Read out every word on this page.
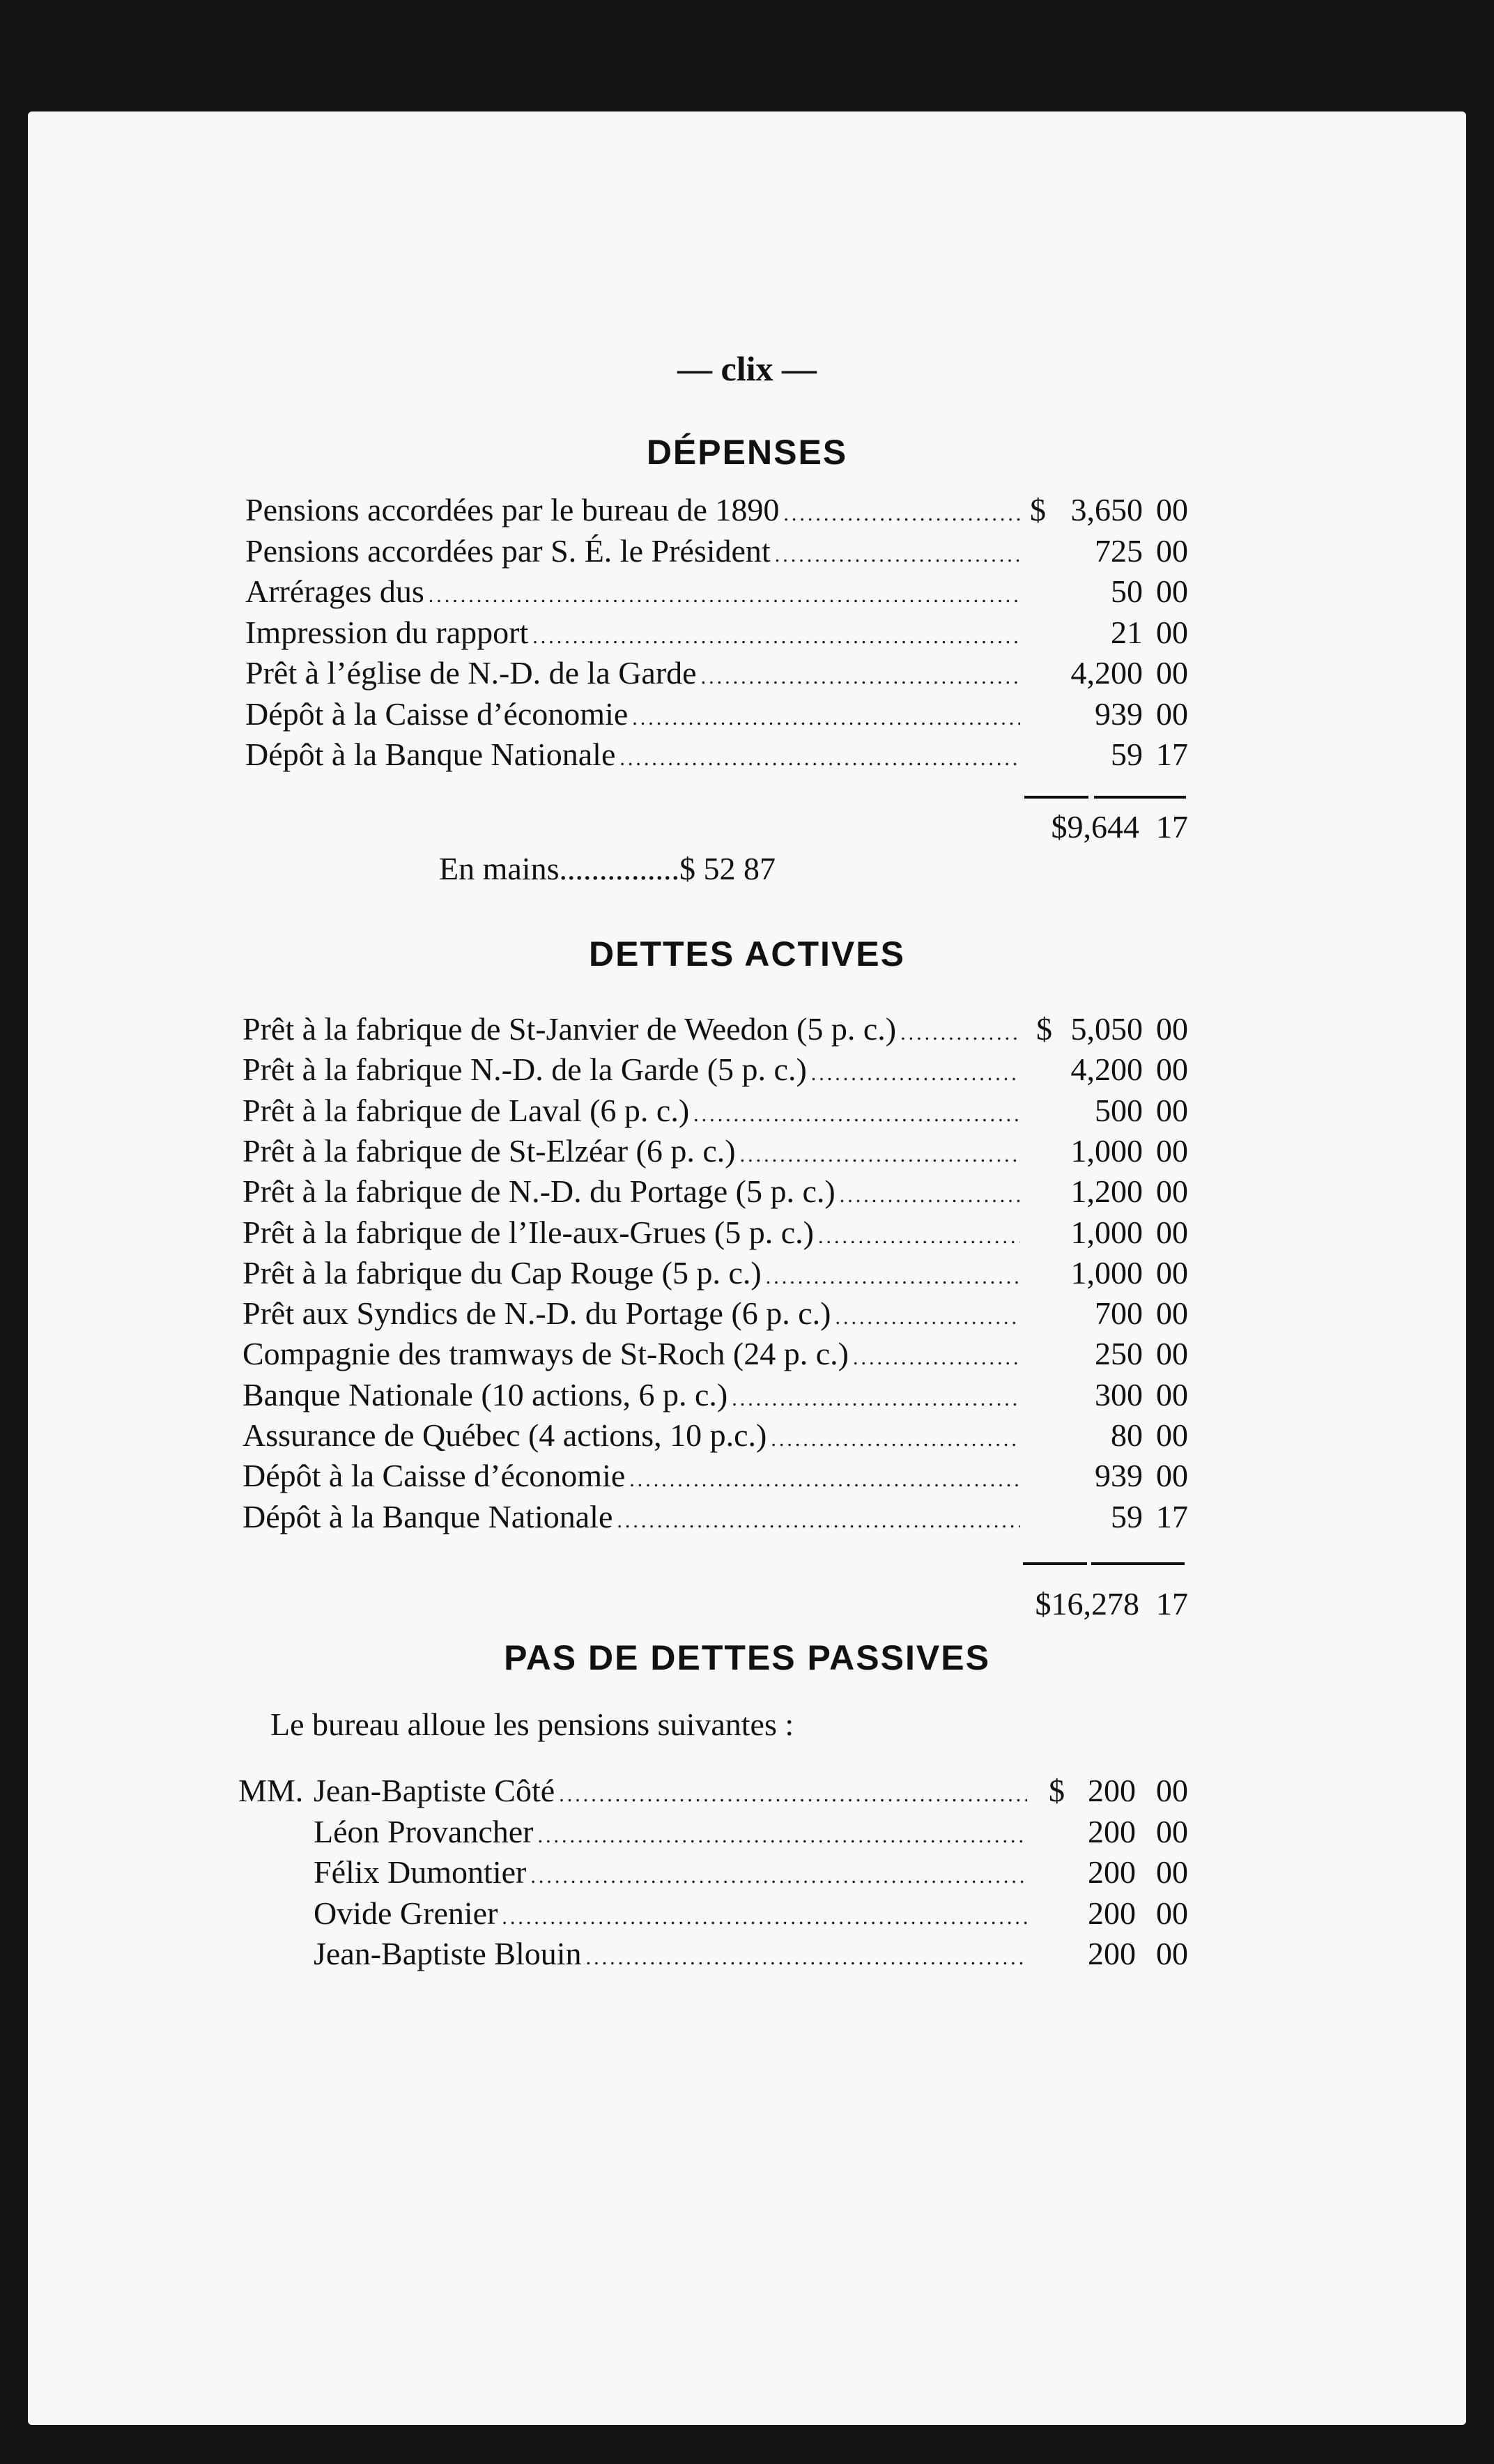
— clix —
DÉPENSES
Pensions accordées par le bureau de 1890 .....	$ 3,650 00
Pensions accordées par S. É. le Président .....	725 00
Arrérages dus .....	50 00
Impression du rapport .....	21 00
Prêt à l’église de N.-D. de la Garde .....	4,200 00
Dépôt à la Caisse d’économie .....	939 00
Dépôt à la Banque Nationale .....	59 17
$9,644 17
En mains...............$ 52 87
DETTES ACTIVES
Prêt à la fabrique de St-Janvier de Weedon (5 p. c.) .....	$ 5,050 00
Prêt à la fabrique N.-D. de la Garde (5 p. c.) .....	4,200 00
Prêt à la fabrique de Laval (6 p. c.) .....	500 00
Prêt à la fabrique de St-Elzéar (6 p. c.) .....	1,000 00
Prêt à la fabrique de N.-D. du Portage (5 p. c.) .....	1,200 00
Prêt à la fabrique de l’Ile-aux-Grues (5 p. c.) .....	1,000 00
Prêt à la fabrique du Cap Rouge (5 p. c.) .....	1,000 00
Prêt aux Syndics de N.-D. du Portage (6 p. c.) .....	700 00
Compagnie des tramways de St-Roch (24 p. c.) .....	250 00
Banque Nationale (10 actions, 6 p. c.) .....	300 00
Assurance de Québec (4 actions, 10 p.c.) .....	80 00
Dépôt à la Caisse d’économie .....	939 00
Dépôt à la Banque Nationale .....	59 17
$16,278 17
PAS DE DETTES PASSIVES
Le bureau alloue les pensions suivantes :
MM. Jean-Baptiste Côté .....	$ 200 00
Léon Provancher .....	200 00
Félix Dumontier .....	200 00
Ovide Grenier .....	200 00
Jean-Baptiste Blouin .....	200 00
